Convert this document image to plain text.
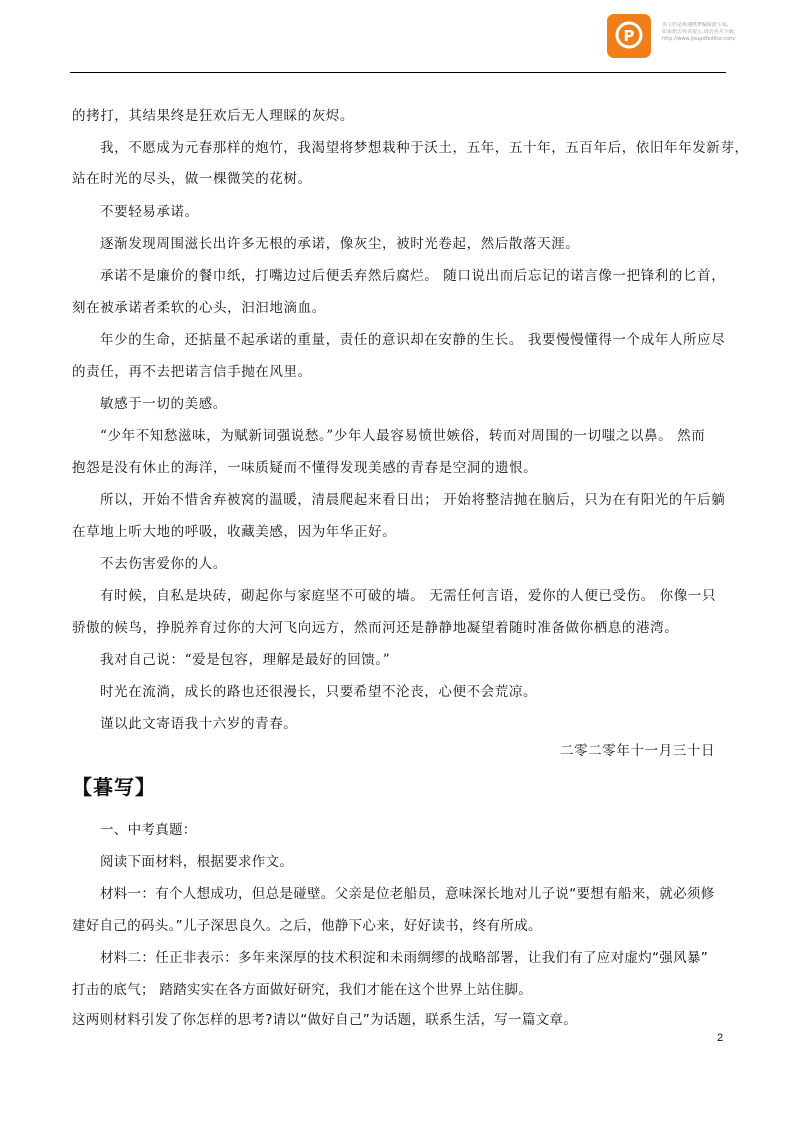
P
该文档是极速PDF编辑器生成,
如果想去掉该提示,请访问并下载:
http://www.jisupdfeditor.com/
的拷打，其结果终是狂欢后无人理睬的灰烬。
我，不愿成为元春那样的炮竹，我渴望将梦想栽种于沃土，五年，五十年，五百年后，依旧年年发新芽，
站在时光的尽头，做一棵微笑的花树。
不要轻易承诺。
逐渐发现周围滋长出许多无根的承诺，像灰尘，被时光卷起，然后散落天涯。
承诺不是廉价的餐巾纸，打嘴边过后便丢弃然后腐烂。 随口说出而后忘记的诺言像一把锋利的匕首，
刻在被承诺者柔软的心头，汩汩地滴血。
年少的生命，还掂量不起承诺的重量，责任的意识却在安静的生长。 我要慢慢懂得一个成年人所应尽
的责任，再不去把诺言信手抛在风里。
敏感于一切的美感。
“少年不知愁滋味，为赋新词强说愁。”少年人最容易愤世嫉俗，转而对周围的一切嗤之以鼻。 然而
抱怨是没有休止的海洋，一味质疑而不懂得发现美感的青春是空洞的遗恨。
所以，开始不惜舍弃被窝的温暖，清晨爬起来看日出； 开始将整洁抛在脑后，只为在有阳光的午后躺
在草地上听大地的呼吸，收藏美感，因为年华正好。
不去伤害爱你的人。
有时候，自私是块砖，砌起你与家庭坚不可破的墙。 无需任何言语，爱你的人便已受伤。 你像一只
骄傲的候鸟，挣脱养育过你的大河飞向远方，然而河还是静静地凝望着随时准备做你栖息的港湾。
我对自己说：“爱是包容，理解是最好的回馈。”
时光在流淌，成长的路也还很漫长，只要希望不沦丧，心便不会荒凉。
谨以此文寄语我十六岁的青春。
二零二零年十一月三十日
【暮写】
一、中考真题：
阅读下面材料，根据要求作文。
材料一：有个人想成功，但总是碰壁。父亲是位老船员，意味深长地对儿子说“要想有船来，就必须修
建好自己的码头。”儿子深思良久。之后，他静下心来，好好读书，终有所成。
材料二：任正非表示：多年来深厚的技术积淀和未雨绸缪的战略部署，让我们有了应对虚灼“强风暴”
打击的底气； 踏踏实实在各方面做好研究，我们才能在这个世界上站住脚。
这两则材料引发了你怎样的思考?请以“做好自己”为话题，联系生活，写一篇文章。
2
